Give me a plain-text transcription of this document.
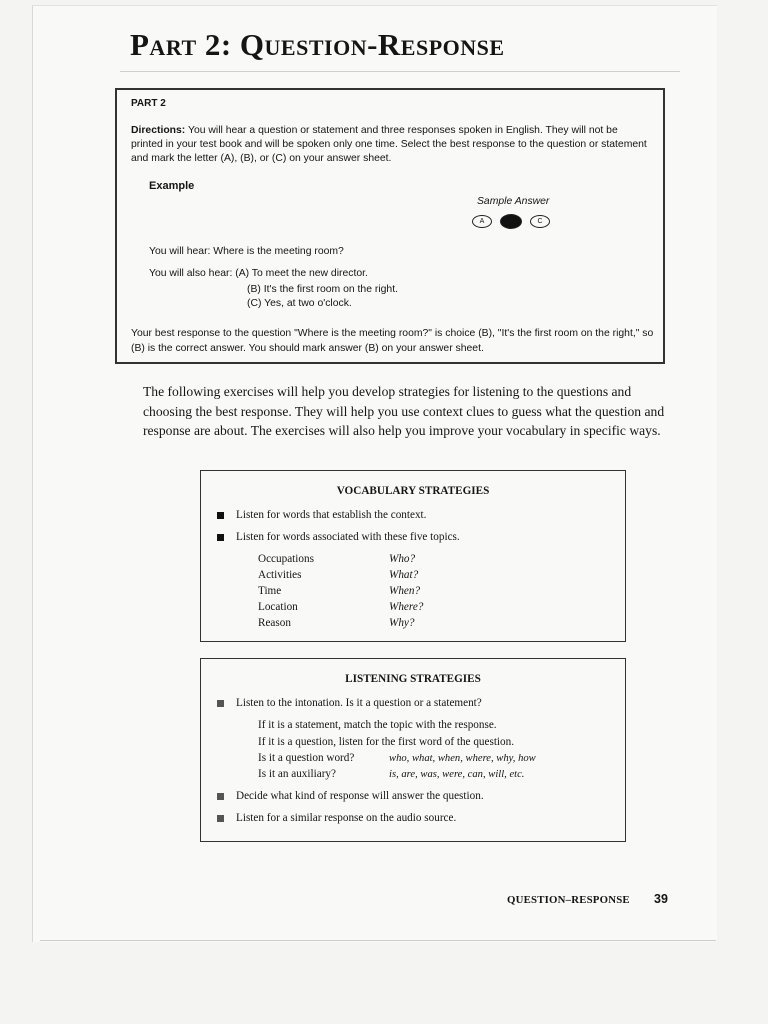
Part 2: Question-Response
PART 2
Directions: You will hear a question or statement and three responses spoken in English. They will not be printed in your test book and will be spoken only one time. Select the best response to the question or statement and mark the letter (A), (B), or (C) on your answer sheet.
Example
Sample Answer
A	C
You will hear: Where is the meeting room?
You will also hear: (A) To meet the new director.
(B) It's the first room on the right.
(C) Yes, at two o'clock.
Your best response to the question "Where is the meeting room?" is choice (B), "It's the first room on the right," so (B) is the correct answer. You should mark answer (B) on your answer sheet.

The following exercises will help you develop strategies for listening to the questions and choosing the best response. They will help you use context clues to guess what the question and response are about. The exercises will also help you improve your vocabulary in specific ways.

VOCABULARY STRATEGIES
Listen for words that establish the context.
Listen for words associated with these five topics.
Occupations	Who?
Activities	What?
Time	When?
Location	Where?
Reason	Why?
LISTENING STRATEGIES
Listen to the intonation. Is it a question or a statement?
If it is a statement, match the topic with the response.
If it is a question, listen for the first word of the question.
Is it a question word?	who, what, when, where, why, how
Is it an auxiliary?	is, are, was, were, can, will, etc.
Decide what kind of response will answer the question.
Listen for a similar response on the audio source.
QUESTION–RESPONSE 39
